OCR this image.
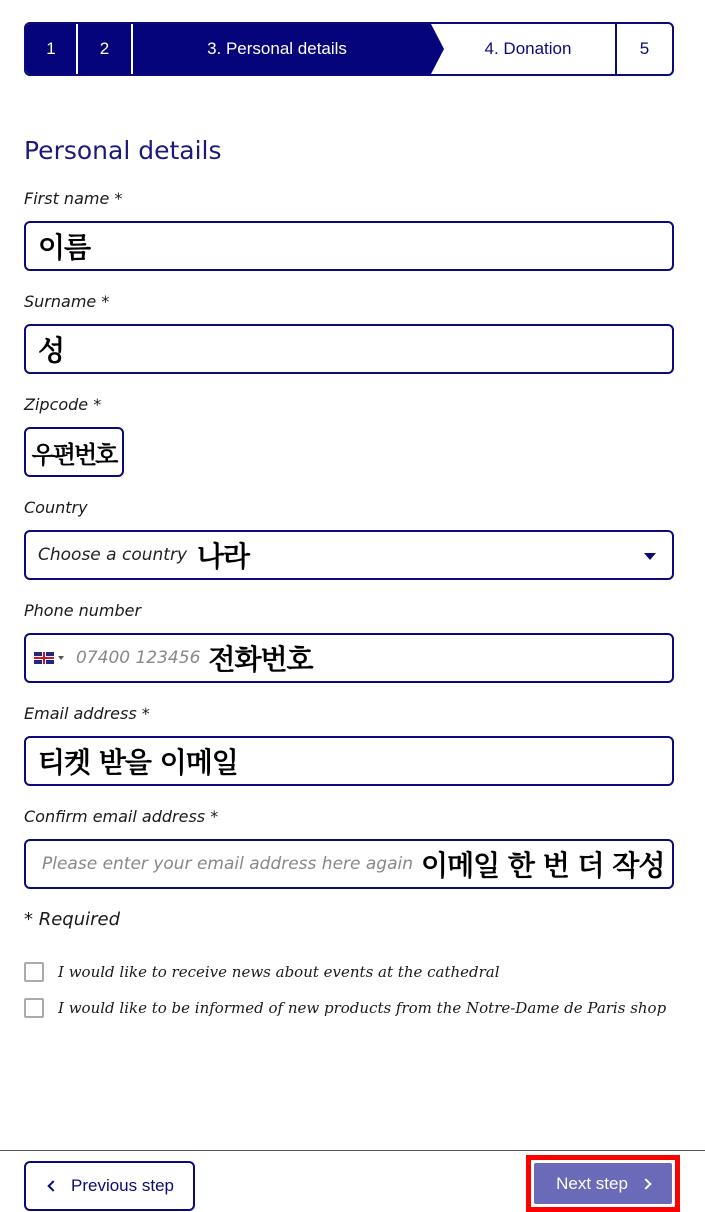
1	2	3. Personal details	4. Donation	5
Personal details
First name *
이름
Surname *
성
Zipcode *
우편번호
Country
Choose a country 나라
Phone number
07400 123456 전화번호
Email address *
티켓 받을 이메일
Confirm email address *
Please enter your email address here again 이메일 한 번 더 작성
* Required
I would like to receive news about events at the cathedral
I would like to be informed of new products from the Notre-Dame de Paris shop
Previous step	Next step
